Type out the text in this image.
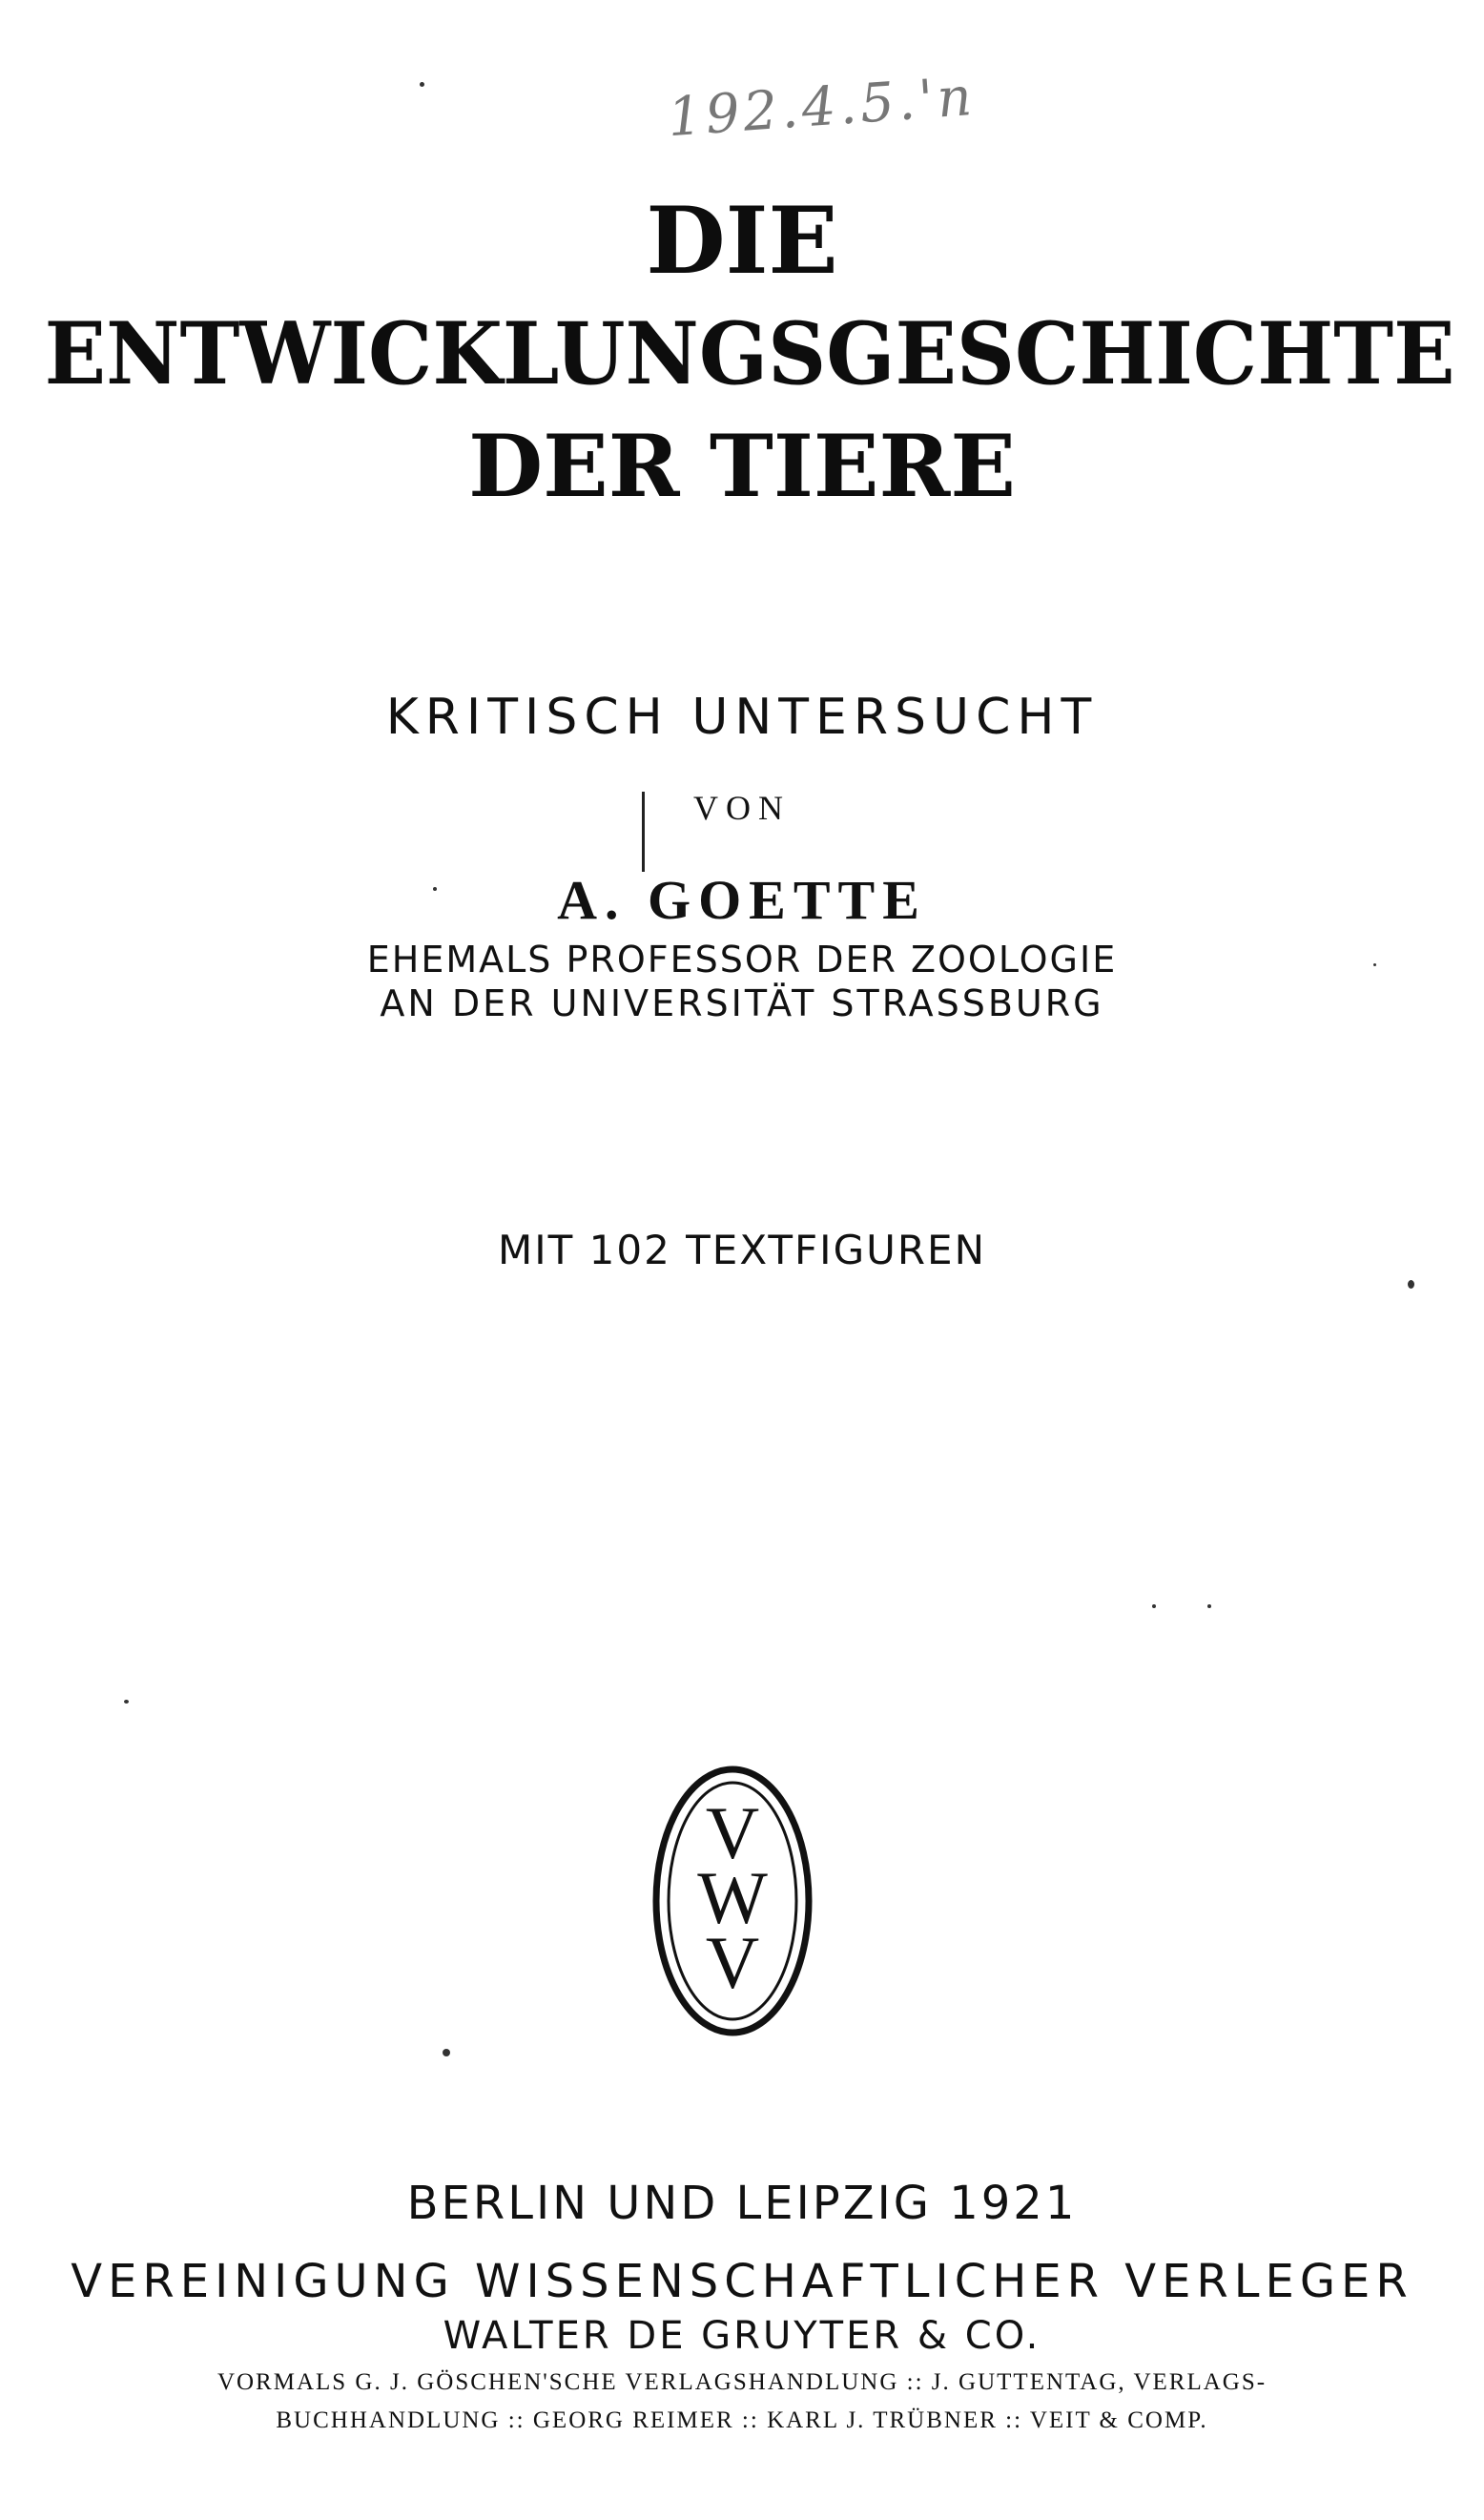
192.4.5.'n
DIE
ENTWICKLUNGSGESCHICHTE
DER TIERE
KRITISCH UNTERSUCHT
VON
A. GOETTE
EHEMALS PROFESSOR DER ZOOLOGIE
AN DER UNIVERSITÄT STRASSBURG
MIT 102 TEXTFIGUREN
V
W
V
BERLIN UND LEIPZIG 1921
VEREINIGUNG WISSENSCHAFTLICHER VERLEGER
WALTER DE GRUYTER & CO.
VORMALS G. J. GÖSCHEN'SCHE VERLAGSHANDLUNG :: J. GUTTENTAG, VERLAGS-
BUCHHANDLUNG :: GEORG REIMER :: KARL J. TRÜBNER :: VEIT & COMP.
